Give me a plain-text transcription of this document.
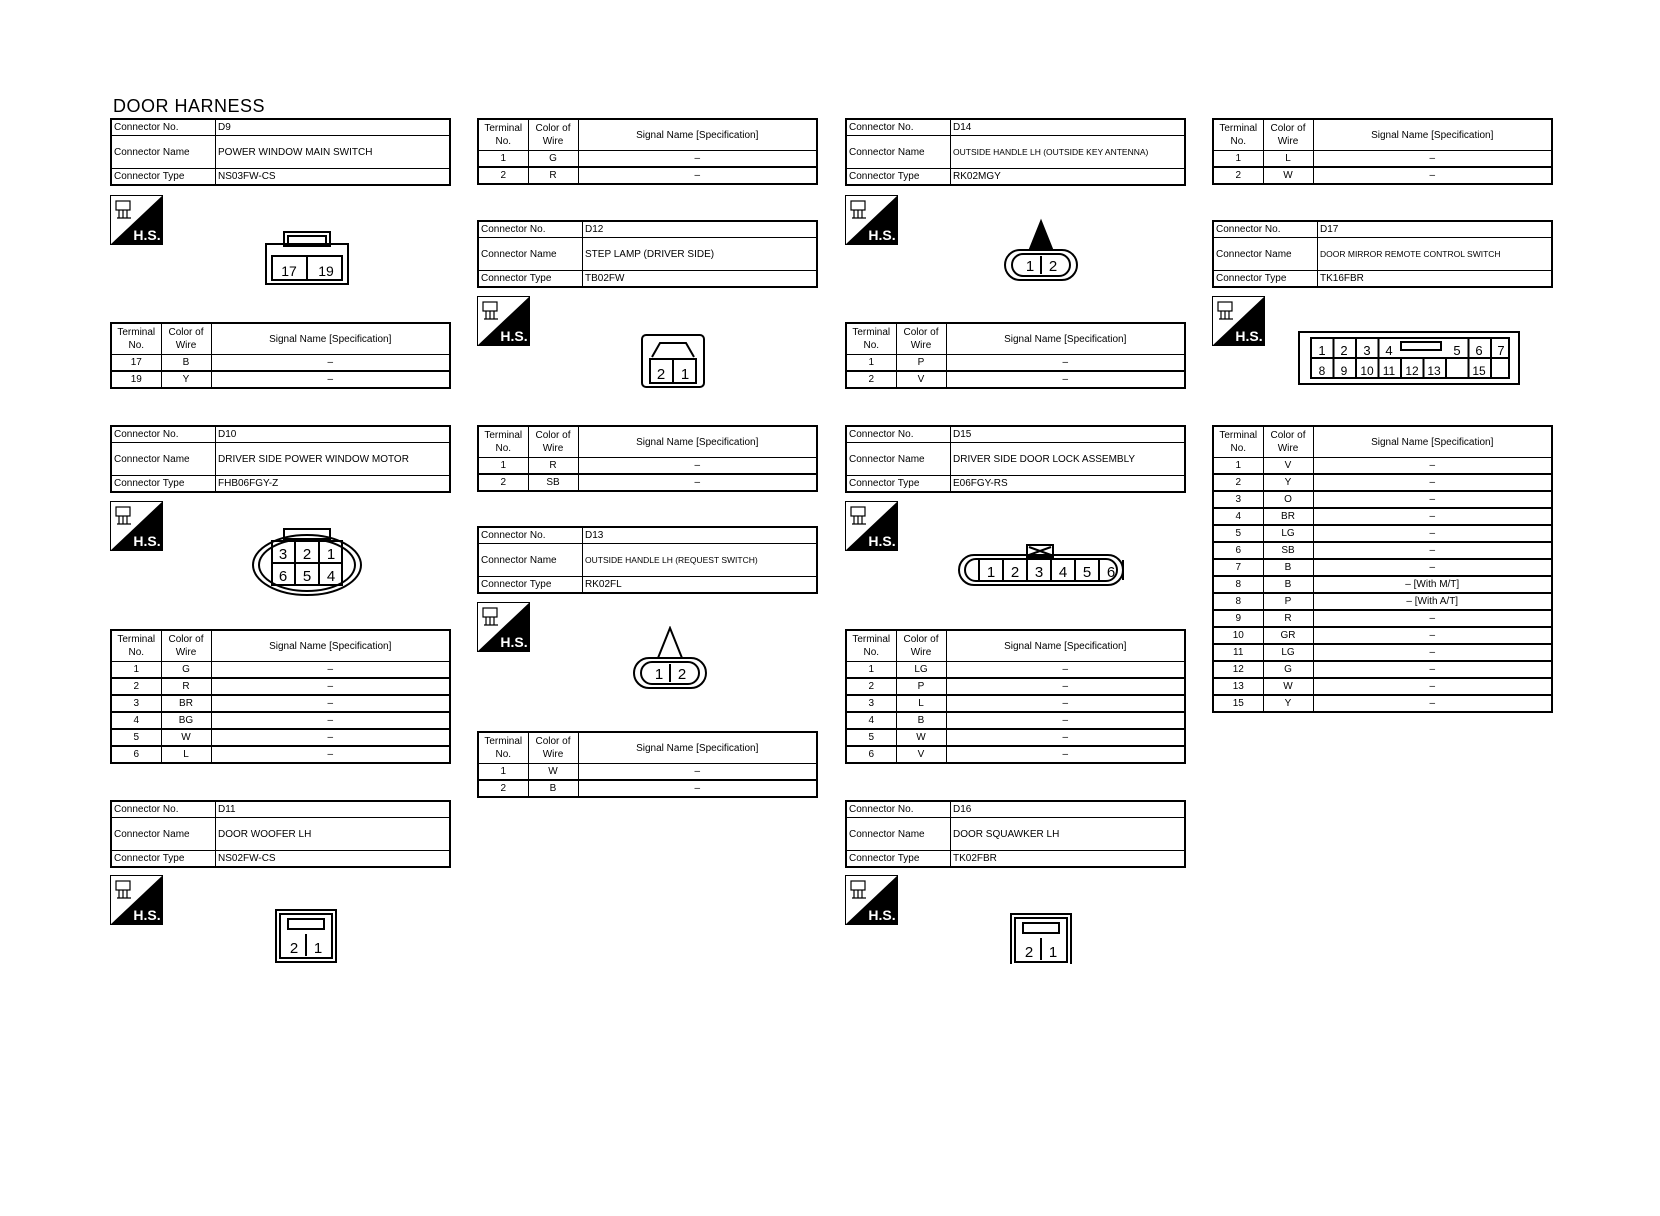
DOOR HARNESS
Connector No.	D9
Connector Name	POWER WINDOW MAIN SWITCH
Connector Type	NS03FW-CS
H.S.
17 19
Terminal No.	Color of Wire	Signal Name [Specification]
17	B	–
19	Y	–
Connector No.	D10
Connector Name	DRIVER SIDE POWER WINDOW MOTOR
Connector Type	FHB06FGY-Z
H.S.
3 2 1
6 5 4
Terminal No.	Color of Wire	Signal Name [Specification]
1	G	–
2	R	–
3	BR	–
4	BG	–
5	W	–
6	L	–
Connector No.	D11
Connector Name	DOOR WOOFER LH
Connector Type	NS02FW-CS
H.S.
2 1
Terminal No.	Color of Wire	Signal Name [Specification]
1	G	–
2	R	–
Connector No.	D12
Connector Name	STEP LAMP (DRIVER SIDE)
Connector Type	TB02FW
H.S.
2 1
Terminal No.	Color of Wire	Signal Name [Specification]
1	R	–
2	SB	–
Connector No.	D13
Connector Name	OUTSIDE HANDLE LH (REQUEST SWITCH)
Connector Type	RK02FL
H.S.
1 2
Terminal No.	Color of Wire	Signal Name [Specification]
1	W	–
2	B	–
Connector No.	D14
Connector Name	OUTSIDE HANDLE LH (OUTSIDE KEY ANTENNA)
Connector Type	RK02MGY
H.S.
1 2
Terminal No.	Color of Wire	Signal Name [Specification]
1	P	–
2	V	–
Connector No.	D15
Connector Name	DRIVER SIDE DOOR LOCK ASSEMBLY
Connector Type	E06FGY-RS
H.S.
1 2 3 4 5 6
Terminal No.	Color of Wire	Signal Name [Specification]
1	LG	–
2	P	–
3	L	–
4	B	–
5	W	–
6	V	–
Connector No.	D16
Connector Name	DOOR SQUAWKER LH
Connector Type	TK02FBR
H.S.
2 1
Terminal No.	Color of Wire	Signal Name [Specification]
1	L	–
2	W	–
Connector No.	D17
Connector Name	DOOR MIRROR REMOTE CONTROL SWITCH
Connector Type	TK16FBR
H.S.
1 2 3 4	5 6 7
8 9 10 11 12 13	15
Terminal No.	Color of Wire	Signal Name [Specification]
1	V	–
2	Y	–
3	O	–
4	BR	–
5	LG	–
6	SB	–
7	B	–
8	B	– [With M/T]
8	P	– [With A/T]
9	R	–
10	GR	–
11	LG	–
12	G	–
13	W	–
15	Y	–
